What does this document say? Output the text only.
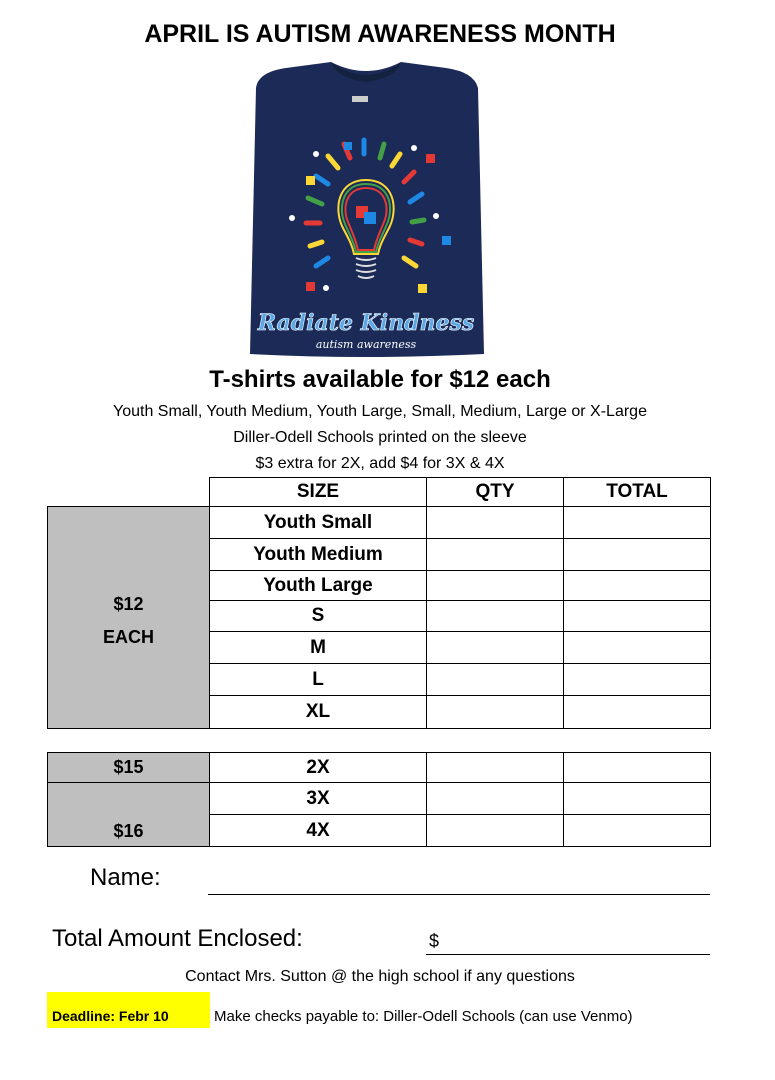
APRIL IS AUTISM AWARENESS MONTH
Radiate Kindness
autism awareness
T-shirts available for $12 each
Youth Small, Youth Medium, Youth Large, Small, Medium, Large or X-Large
Diller-Odell Schools printed on the sleeve
$3 extra for 2X, add $4 for 3X & 4X
	SIZE	QTY	TOTAL

$12
EACH	Youth Small		
	Youth Medium		
	Youth Large		
	S		
	M		
	L		
	XL		
$15	2X		
$16	3X		
	4X		
Name:
Total Amount Enclosed:	$
Contact Mrs. Sutton @ the high school if any questions
Deadline: Febr 10	Make checks payable to: Diller-Odell Schools (can use Venmo)
